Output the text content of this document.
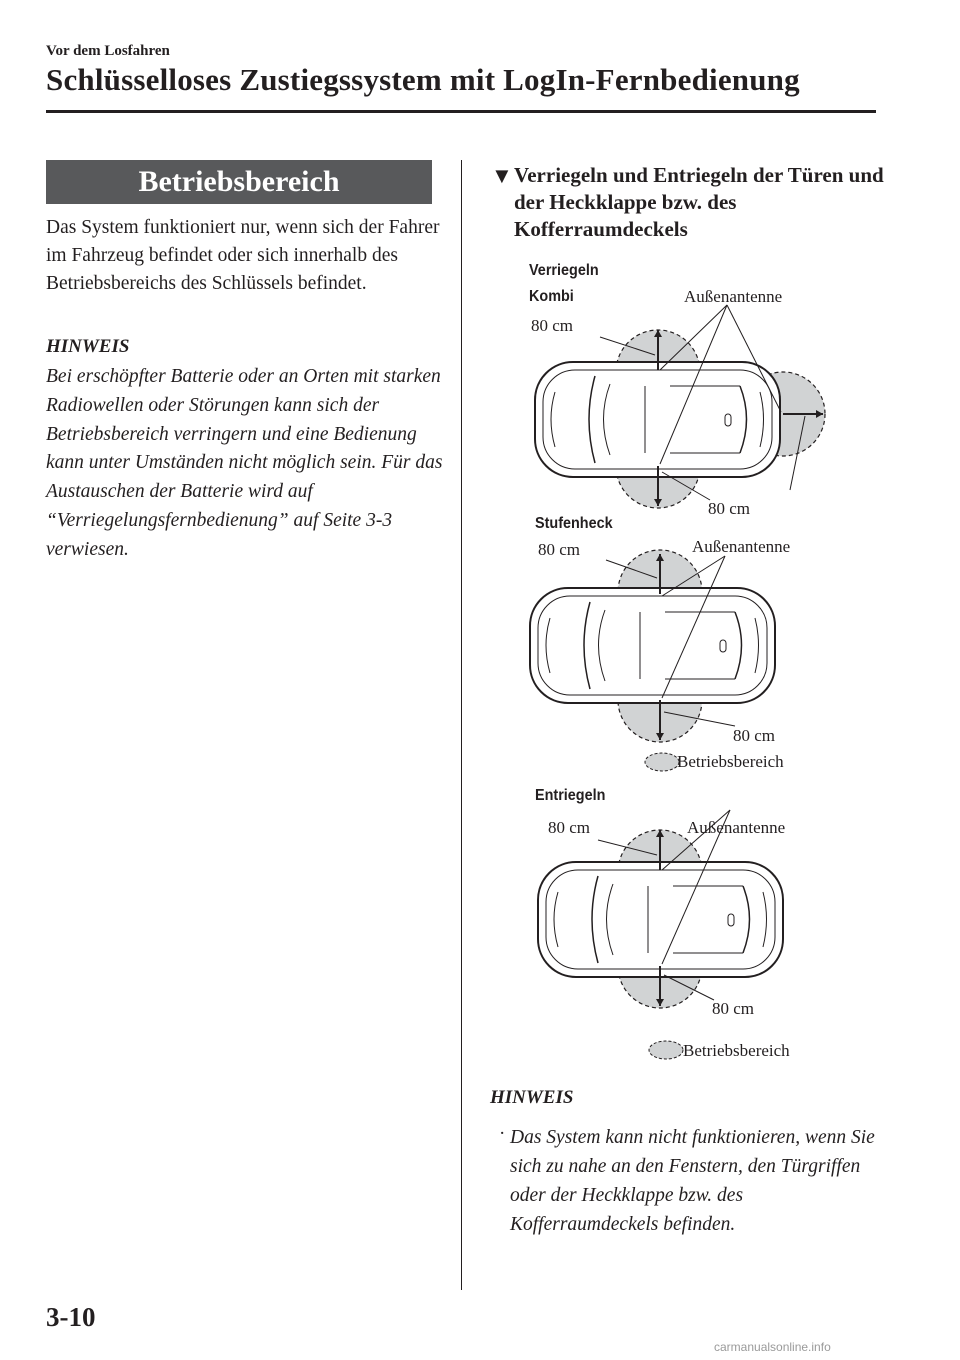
Vor dem Losfahren
Schlüsselloses Zustiegssystem mit LogIn-Fernbedienung
Betriebsbereich
Das System funktioniert nur, wenn sich der Fahrer im Fahrzeug befindet oder sich innerhalb des Betriebsbereichs des Schlüssels befindet.
HINWEIS
Bei erschöpfter Batterie oder an Orten mit starken Radiowellen oder Störungen kann sich der Betriebsbereich verringern und eine Bedienung kann unter Umständen nicht möglich sein. Für das Austauschen der Batterie wird auf “Verriegelungsfernbedienung” auf Seite 3-3 verwiesen.
▼ Verriegeln und Entriegeln der Türen und der Heckklappe bzw. des Kofferraumdeckels
Verriegeln
Kombi
Stufenheck
Entriegeln
Außenantenne
Außenantenne
Außenantenne
80 cm
80 cm
80 cm
80 cm
80 cm
80 cm
Betriebsbereich
Betriebsbereich
HINWEIS
· Das System kann nicht funktionieren, wenn Sie sich zu nahe an den Fenstern, den Türgriffen oder der Heckklappe bzw. des Kofferraumdeckels befinden.
3-10
carmanualsonline.info
